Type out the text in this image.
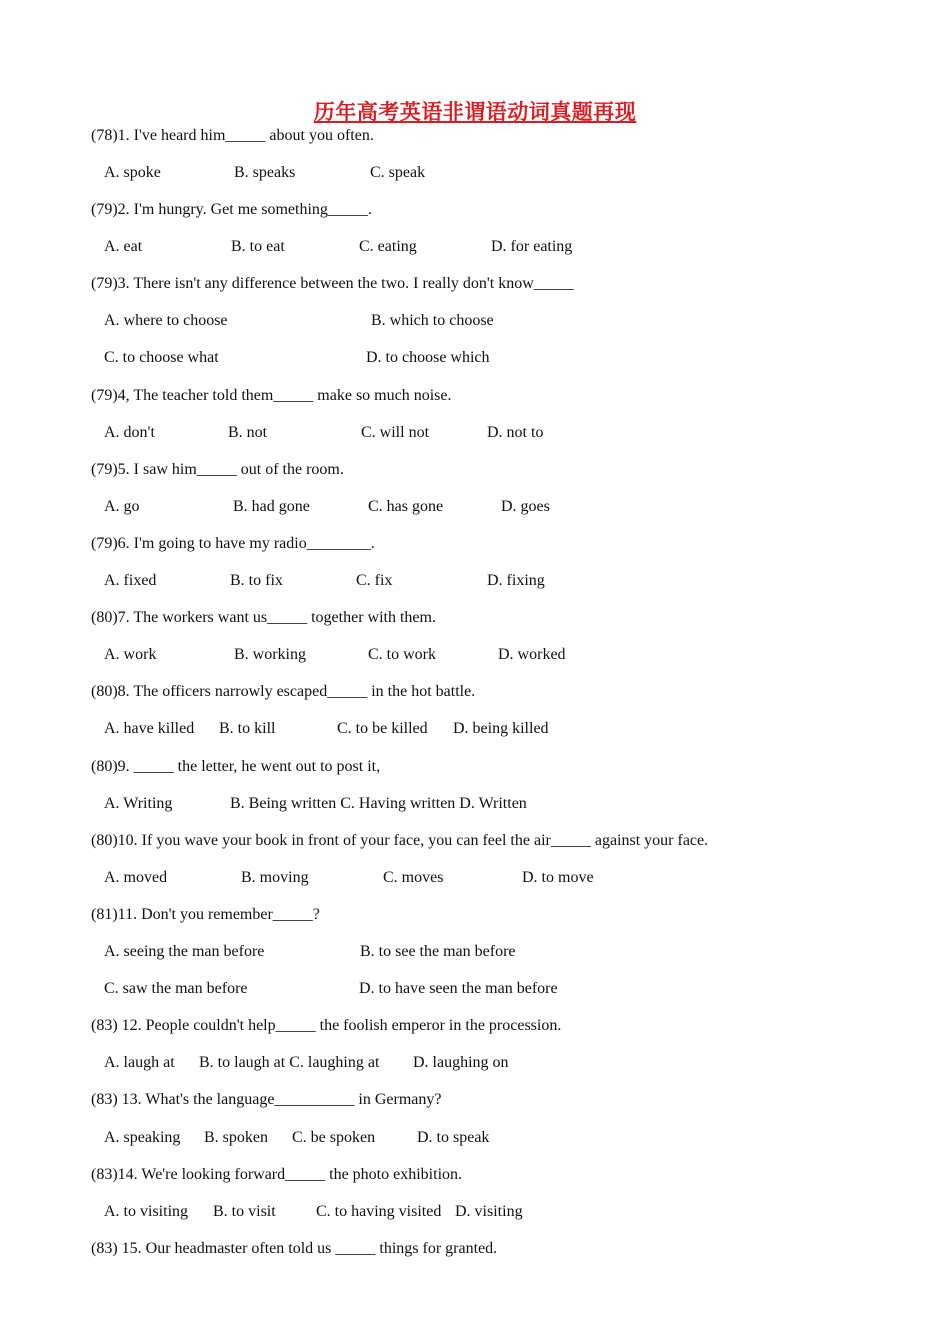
历年高考英语非谓语动词真题再现
(78)1. I've heard him_____ about you often.
A. spoke	B. speaks	C. speak
(79)2. I'm hungry. Get me something_____.
A. eat	B. to eat	C. eating	D. for eating
(79)3. There isn't any difference between the two. I really don't know_____
A. where to choose	B. which to choose
C. to choose what	D. to choose which
(79)4, The teacher told them_____ make so much noise.
A. don't	B. not	C. will not	D. not to
(79)5. I saw him_____ out of the room.
A. go	B. had gone	C. has gone	D. goes
(79)6. I'm going to have my radio________.
A. fixed	B. to fix	C. fix	D. fixing
(80)7. The workers want us_____ together with them.
A. work	B. working	C. to work	D. worked
(80)8. The officers narrowly escaped_____ in the hot battle.
A. have killed B. to kill	C. to be killed D. being killed
(80)9. _____ the letter, he went out to post it,
A. Writing	B. Being written C. Having written D. Written
(80)10. If you wave your book in front of your face, you can feel the air_____ against your face.
A. moved	B. moving	C. moves	D. to move
(81)11. Don't you remember_____?
A. seeing the man before	B. to see the man before
C. saw the man before	D. to have seen the man before
(83) 12. People couldn't help_____ the foolish emperor in the procession.
A. laugh at B. to laugh at C. laughing at D. laughing on
(83) 13. What's the language__________ in Germany?
A. speaking B. spoken C. be spoken	D. to speak
(83)14. We're looking forward_____ the photo exhibition.
A. to visiting B. to visit	C. to having visited D. visiting
(83) 15. Our headmaster often told us _____ things for granted.
